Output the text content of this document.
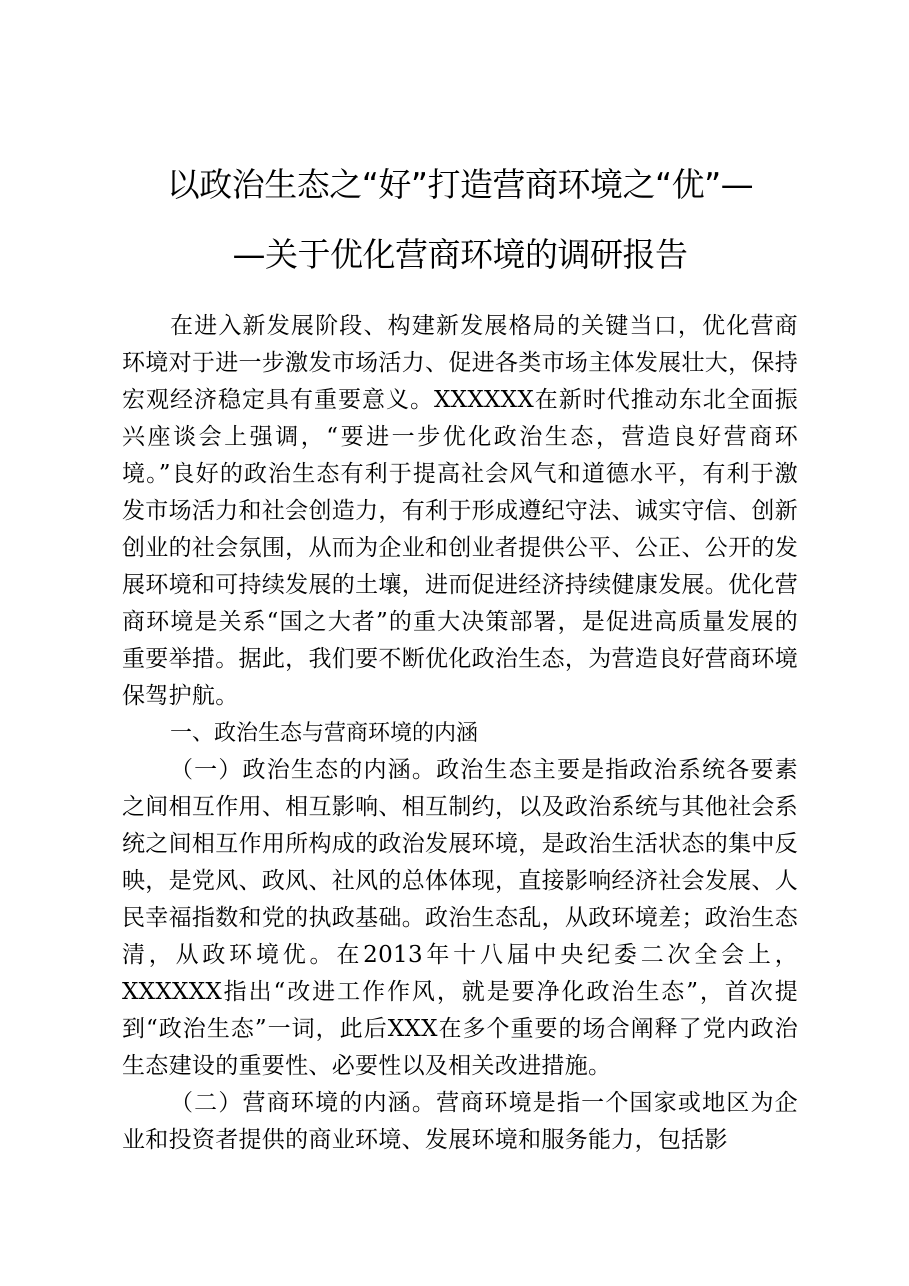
以政治生态之“好”打造营商环境之“优”—
—关于优化营商环境的调研报告

在进入新发展阶段、构建新发展格局的关键当口，优化营商环境对于进一步激发市场活力、促进各类市场主体发展壮大，保持宏观经济稳定具有重要意义。XXXXXX在新时代推动东北全面振兴座谈会上强调，“要进一步优化政治生态，营造良好营商环境。”良好的政治生态有利于提高社会风气和道德水平，有利于激发市场活力和社会创造力，有利于形成遵纪守法、诚实守信、创新创业的社会氛围，从而为企业和创业者提供公平、公正、公开的发展环境和可持续发展的土壤，进而促进经济持续健康发展。优化营商环境是关系“国之大者”的重大决策部署，是促进高质量发展的重要举措。据此，我们要不断优化政治生态，为营造良好营商环境保驾护航。

一、政治生态与营商环境的内涵

（一）政治生态的内涵。政治生态主要是指政治系统各要素之间相互作用、相互影响、相互制约，以及政治系统与其他社会系统之间相互作用所构成的政治发展环境，是政治生活状态的集中反映，是党风、政风、社风的总体体现，直接影响经济社会发展、人民幸福指数和党的执政基础。政治生态乱，从政环境差；政治生态清，从政环境优。在2013年十八届中央纪委二次全会上，XXXXXX指出“改进工作作风，就是要净化政治生态”，首次提到“政治生态”一词，此后XXX在多个重要的场合阐释了党内政治生态建设的重要性、必要性以及相关改进措施。

（二）营商环境的内涵。营商环境是指一个国家或地区为企业和投资者提供的商业环境、发展环境和服务能力，包括影
